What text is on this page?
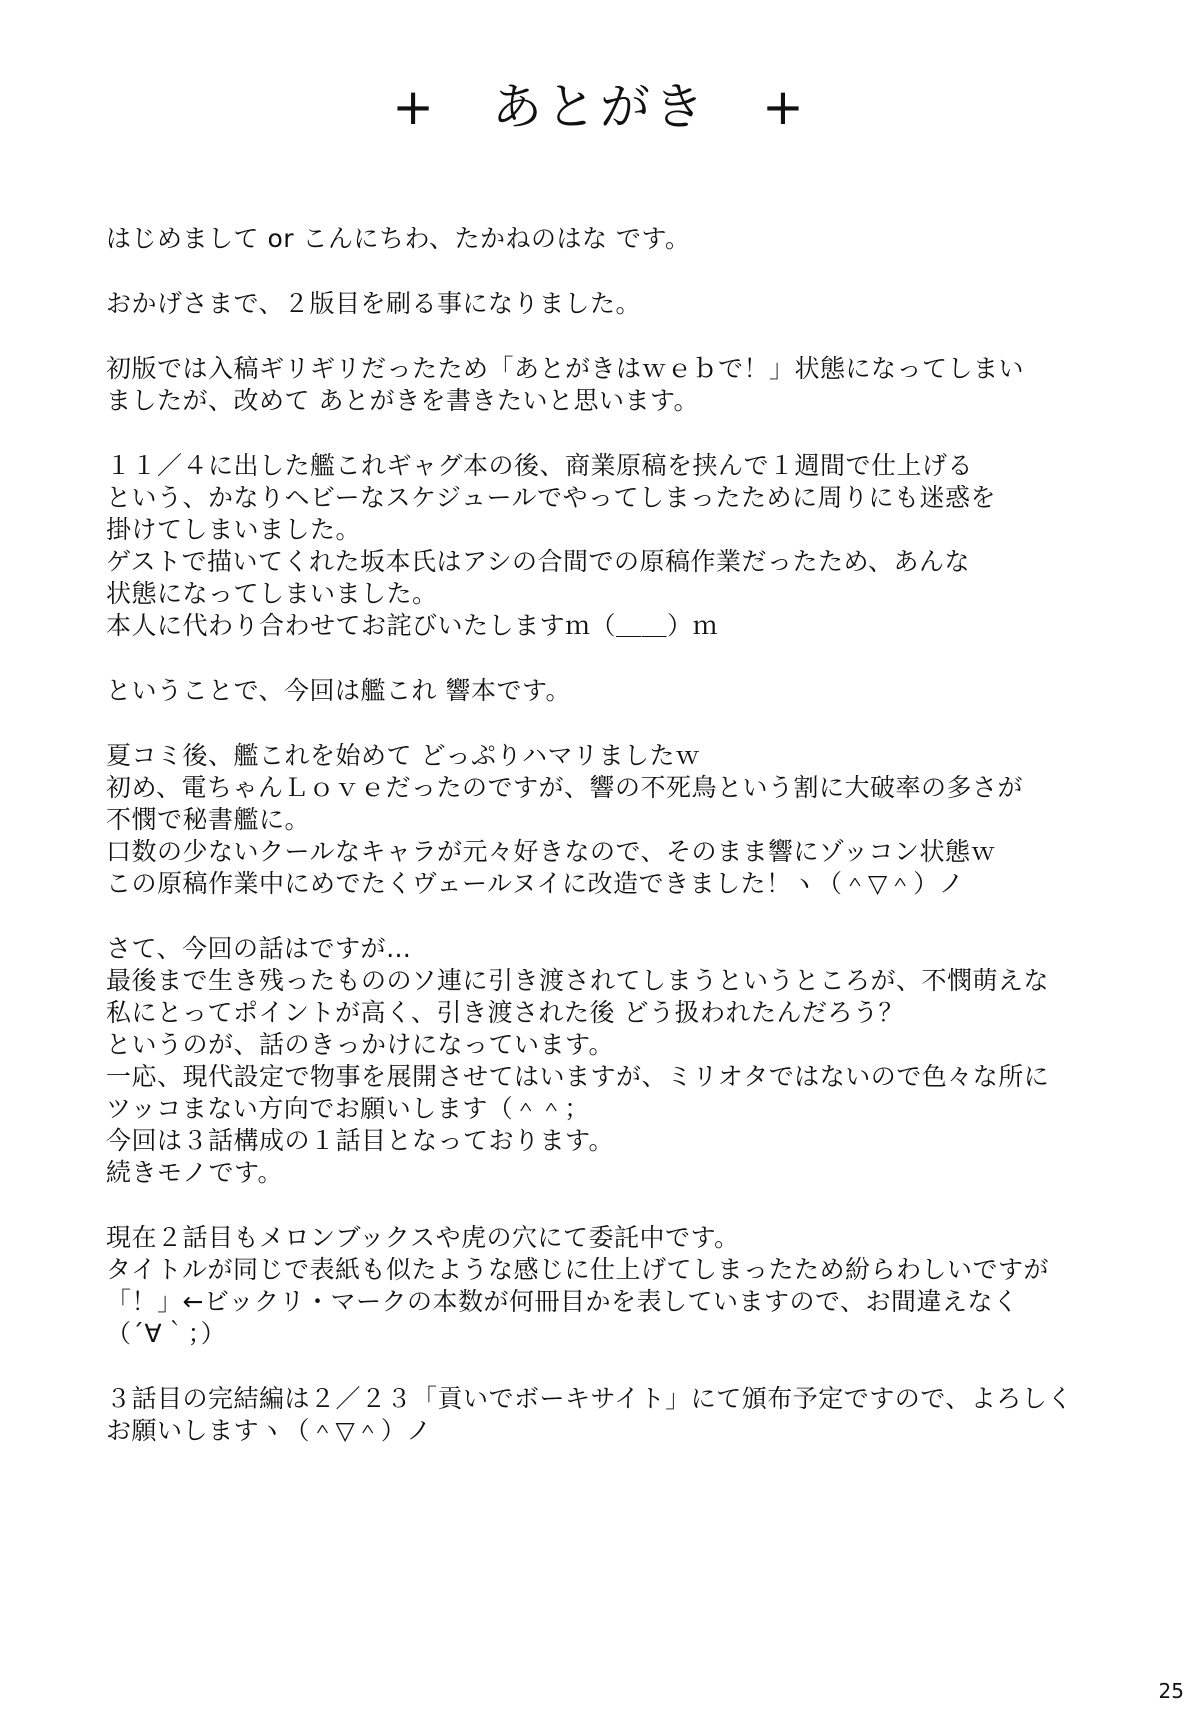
+　あとがき　+
はじめまして or こんにちわ、たかねのはな です。
おかげさまで、２版目を刷る事になりました。
初版では入稿ギリギリだったため「あとがきはｗｅｂで！」状態になってしまい
ましたが、改めて あとがきを書きたいと思います。
１１／４に出した艦これギャグ本の後、商業原稿を挟んで１週間で仕上げる
という、かなりヘビーなスケジュールでやってしまったために周りにも迷惑を
掛けてしまいました。
ゲストで描いてくれた坂本氏はアシの合間での原稿作業だったため、あんな
状態になってしまいました。
本人に代わり合わせてお詫びいたしますｍ（＿＿）ｍ
ということで、今回は艦これ 響本です。
夏コミ後、艦これを始めて どっぷりハマリましたｗ
初め、電ちゃんＬｏｖｅだったのですが、響の不死鳥という割に大破率の多さが
不憫で秘書艦に。
口数の少ないクールなキャラが元々好きなので、そのまま響にゾッコン状態ｗ
この原稿作業中にめでたくヴェールヌイに改造できました！ヽ（＾▽＾）ノ
さて、今回の話はですが…
最後まで生き残ったもののソ連に引き渡されてしまうというところが、不憫萌えな
私にとってポイントが高く、引き渡された後 どう扱われたんだろう？
というのが、話のきっかけになっています。
一応、現代設定で物事を展開させてはいますが、ミリオタではないので色々な所に
ツッコまない方向でお願いします（＾＾；
今回は３話構成の１話目となっております。
続きモノです。
現在２話目もメロンブックスや虎の穴にて委託中です。
タイトルが同じで表紙も似たような感じに仕上げてしまったため紛らわしいですが
「！」←ビックリ・マークの本数が何冊目かを表していますので、お間違えなく
（´∀｀；）
３話目の完結編は２／２３「貢いでボーキサイト」にて頒布予定ですので、よろしく
お願いしますヽ（＾▽＾）ノ
25
